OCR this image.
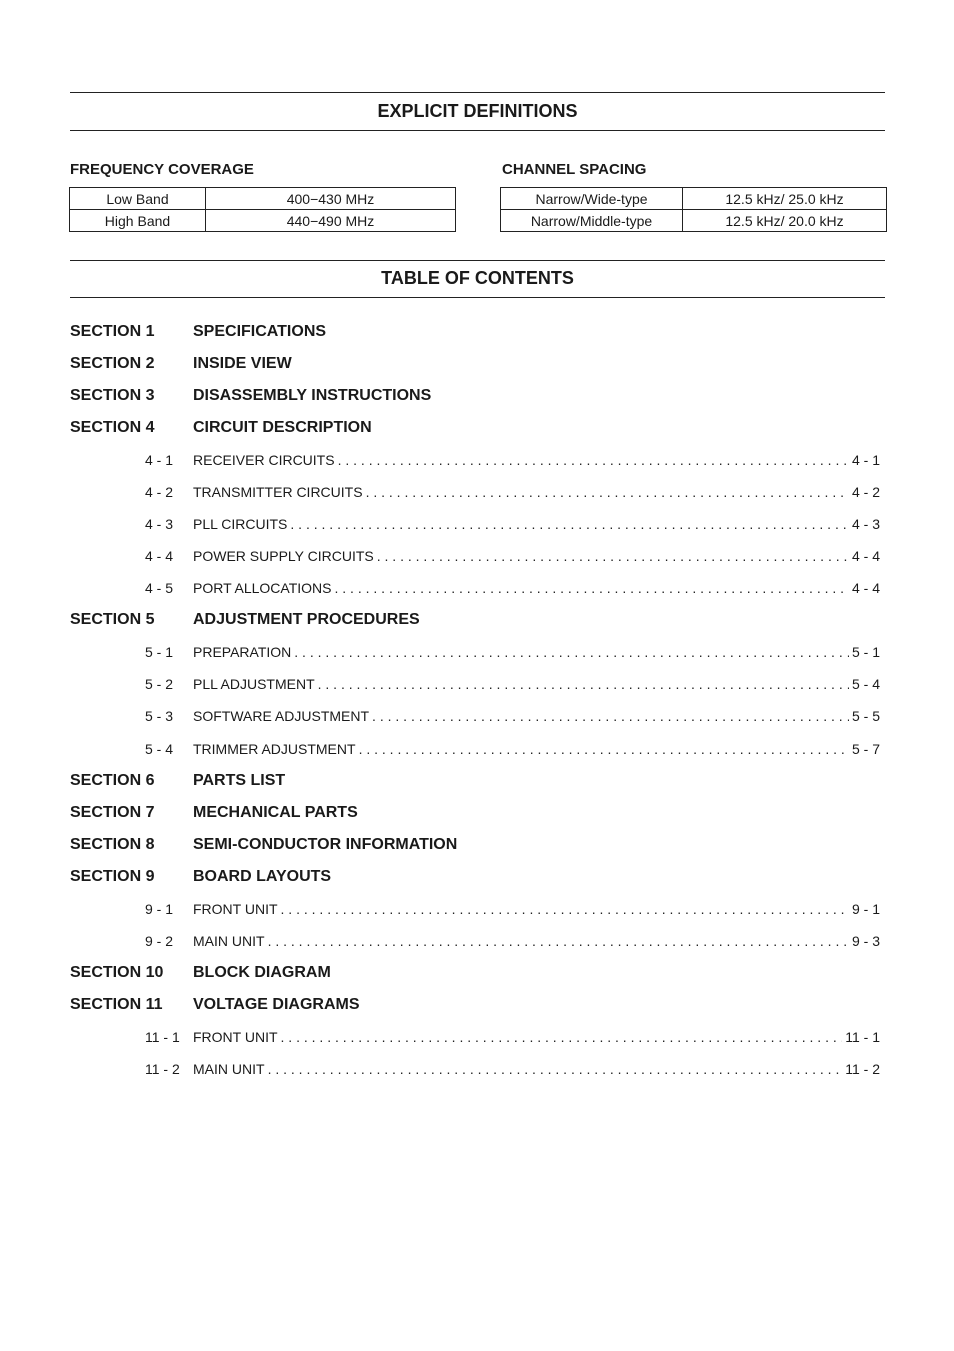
EXPLICIT DEFINITIONS
FREQUENCY COVERAGE
Low Band	400−430 MHz
High Band	440−490 MHz
CHANNEL SPACING
Narrow/Wide-type	12.5 kHz/ 25.0 kHz
Narrow/Middle-type	12.5 kHz/ 20.0 kHz
TABLE OF CONTENTS
SECTION 1 SPECIFICATIONS
SECTION 2 INSIDE VIEW
SECTION 3 DISASSEMBLY INSTRUCTIONS
SECTION 4 CIRCUIT DESCRIPTION
4 - 1 RECEIVER CIRCUITS . . .	4 - 1
4 - 2 TRANSMITTER CIRCUITS . . .	4 - 2
4 - 3 PLL CIRCUITS . . .	4 - 3
4 - 4 POWER SUPPLY CIRCUITS . . .	4 - 4
4 - 5 PORT ALLOCATIONS . . .	4 - 4
SECTION 5 ADJUSTMENT PROCEDURES
5 - 1 PREPARATION . . .	5 - 1
5 - 2 PLL ADJUSTMENT . . .	5 - 4
5 - 3 SOFTWARE ADJUSTMENT . . .	5 - 5
5 - 4 TRIMMER ADJUSTMENT . . .	5 - 7
SECTION 6 PARTS LIST
SECTION 7 MECHANICAL PARTS
SECTION 8 SEMI-CONDUCTOR INFORMATION
SECTION 9 BOARD LAYOUTS
9 - 1 FRONT UNIT . . .	9 - 1
9 - 2 MAIN UNIT . . .	9 - 3
SECTION 10 BLOCK DIAGRAM
SECTION 11 VOLTAGE DIAGRAMS
11 - 1 FRONT UNIT . . .	11 - 1
11 - 2 MAIN UNIT . . .	11 - 2
